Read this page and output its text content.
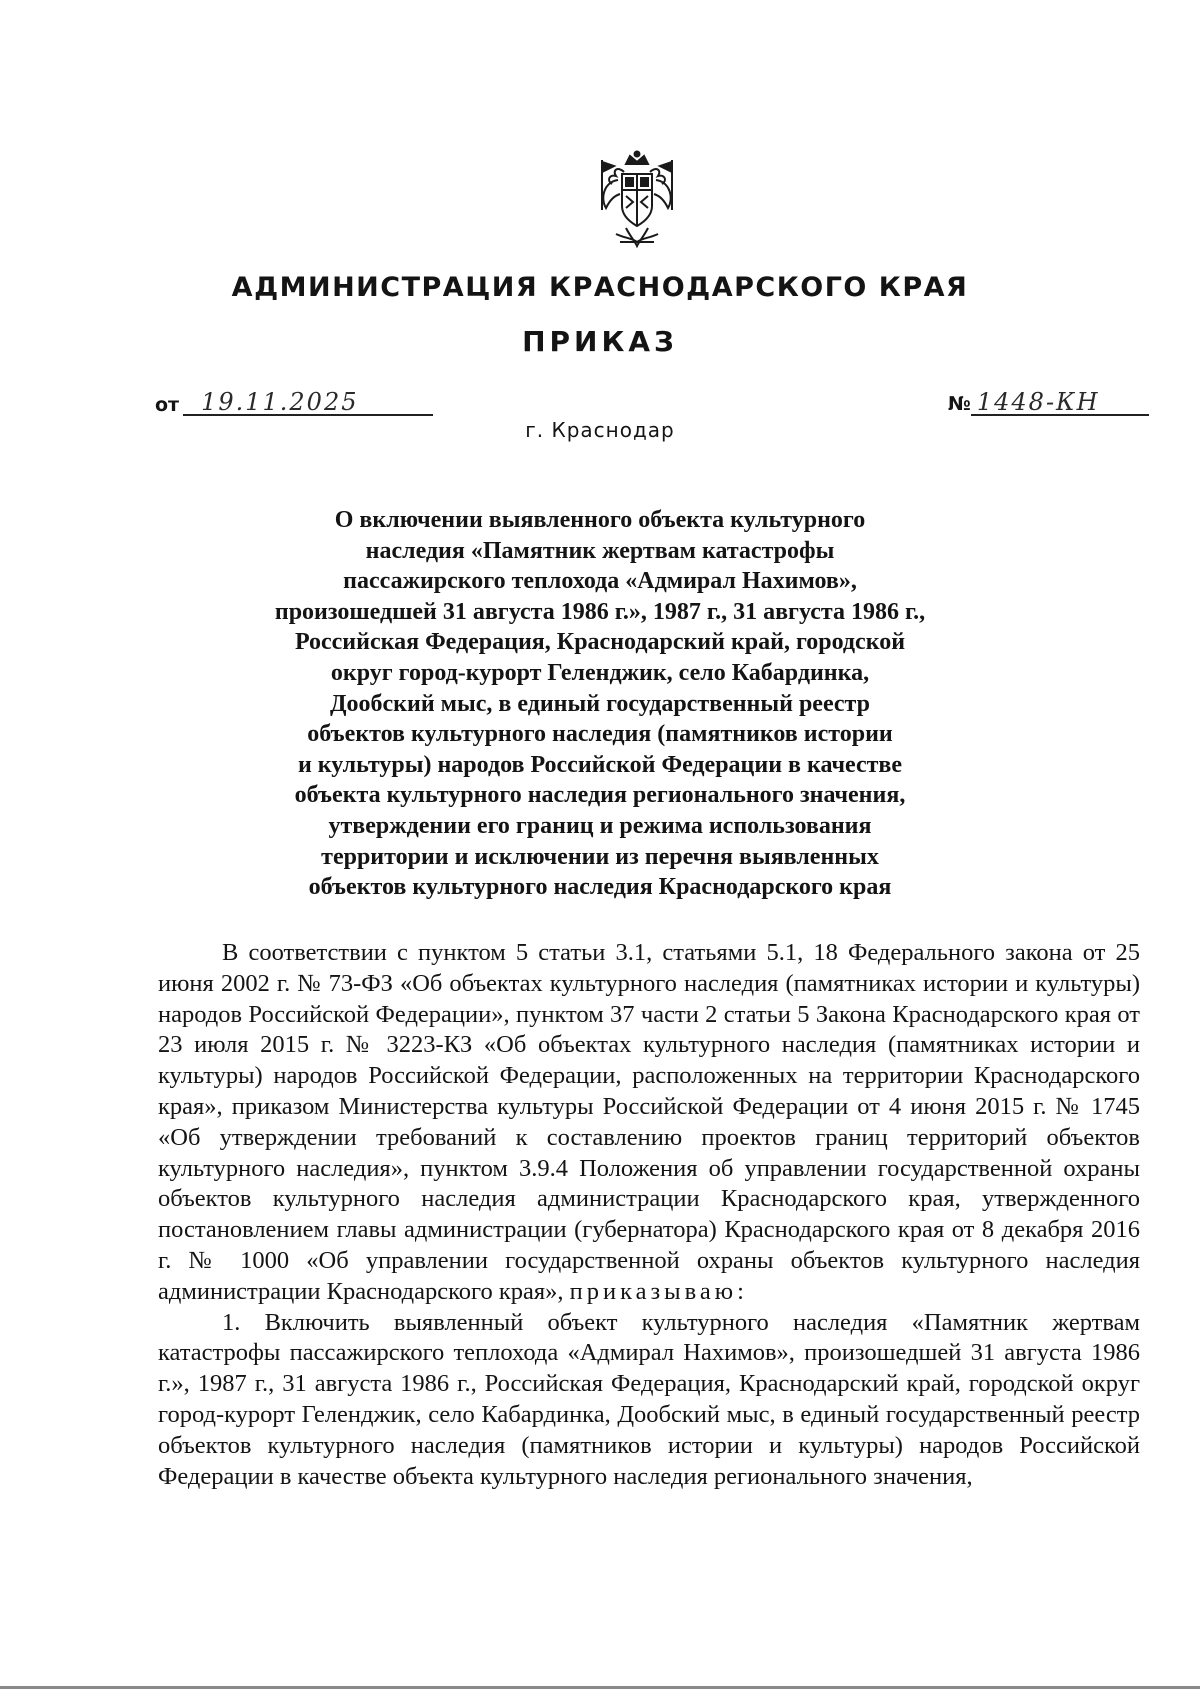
АДМИНИСТРАЦИЯ КРАСНОДАРСКОГО КРАЯ
ПРИКАЗ
от 19.11.2025	№ 1448-КН
г. Краснодар
О включении выявленного объекта культурного
наследия «Памятник жертвам катастрофы
пассажирского теплохода «Адмирал Нахимов»,
произошедшей 31 августа 1986 г.», 1987 г., 31 августа 1986 г.,
Российская Федерация, Краснодарский край, городской
округ город-курорт Геленджик, село Кабардинка,
Дообский мыс, в единый государственный реестр
объектов культурного наследия (памятников истории
и культуры) народов Российской Федерации в качестве
объекта культурного наследия регионального значения,
утверждении его границ и режима использования
территории и исключении из перечня выявленных
объектов культурного наследия Краснодарского края

В соответствии с пунктом 5 статьи 3.1, статьями 5.1, 18 Федерального закона от 25 июня 2002 г. № 73-ФЗ «Об объектах культурного наследия (памятниках истории и культуры) народов Российской Федерации», пунктом 37 части 2 статьи 5 Закона Краснодарского края от 23 июля 2015 г. № 3223-КЗ «Об объектах культурного наследия (памятниках истории и культуры) народов Российской Федерации, расположенных на территории Краснодарского края», приказом Министерства культуры Российской Федерации от 4 июня 2015 г. № 1745 «Об утверждении требований к составлению проектов границ территорий объектов культурного наследия», пунктом 3.9.4 Положения об управлении государственной охраны объектов культурного наследия администрации Краснодарского края, утвержденного постановлением главы администрации (губернатора) Краснодарского края от 8 декабря 2016 г. № 1000 «Об управлении государственной охраны объектов культурного наследия администрации Краснодарского края», приказываю:

1. Включить выявленный объект культурного наследия «Памятник жертвам катастрофы пассажирского теплохода «Адмирал Нахимов», произошедшей 31 августа 1986 г.», 1987 г., 31 августа 1986 г., Российская Федерация, Краснодарский край, городской округ город-курорт Геленджик, село Кабардинка, Дообский мыс, в единый государственный реестр объектов культурного наследия (памятников истории и культуры) народов Российской Федерации в качестве объекта культурного наследия регионального значения,
